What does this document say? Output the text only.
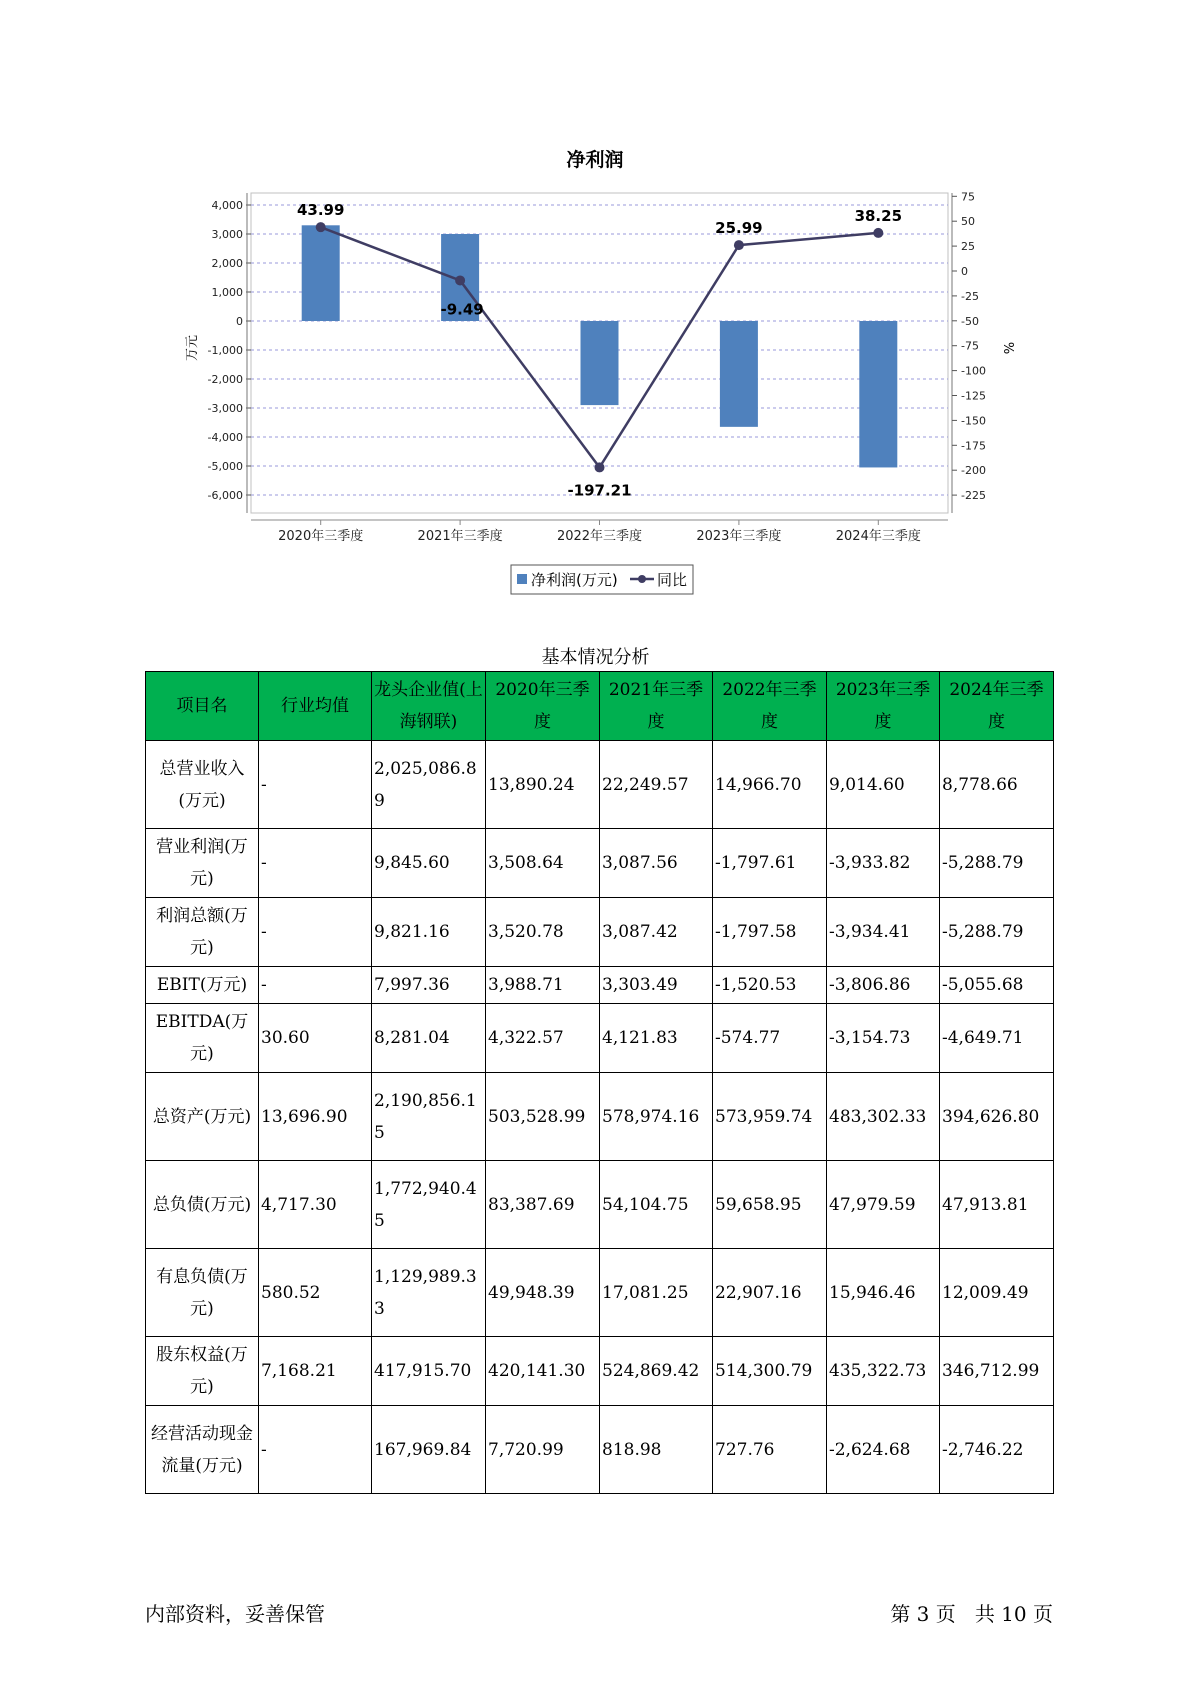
净利润
4,000
3,000
2,000
1,000
0
-1,000
-2,000
-3,000
-4,000
-5,000
-6,000
万元
75
50
25
0
-25
-50
-75
-100
-125
-150
-175
-200
-225
%
2020年三季度	2021年三季度	2022年三季度	2023年三季度	2024年三季度
43.99
-9.49
-197.21
25.99
38.25
净利润(万元)	同比
基本情况分析
项目名	行业均值	龙头企业值(上海钢联)	2020年三季度	2021年三季度	2022年三季度	2023年三季度	2024年三季度
总营业收入(万元)	-	2,025,086.89	13,890.24	22,249.57	14,966.70	9,014.60	8,778.66
营业利润(万元)	-	9,845.60	3,508.64	3,087.56	-1,797.61	-3,933.82	-5,288.79
利润总额(万元)	-	9,821.16	3,520.78	3,087.42	-1,797.58	-3,934.41	-5,288.79
EBIT(万元)	-	7,997.36	3,988.71	3,303.49	-1,520.53	-3,806.86	-5,055.68
EBITDA(万元)	30.60	8,281.04	4,322.57	4,121.83	-574.77	-3,154.73	-4,649.71
总资产(万元)	13,696.90	2,190,856.15	503,528.99	578,974.16	573,959.74	483,302.33	394,626.80
总负债(万元)	4,717.30	1,772,940.45	83,387.69	54,104.75	59,658.95	47,979.59	47,913.81
有息负债(万元)	580.52	1,129,989.33	49,948.39	17,081.25	22,907.16	15,946.46	12,009.49
股东权益(万元)	7,168.21	417,915.70	420,141.30	524,869.42	514,300.79	435,322.73	346,712.99
经营活动现金流量(万元)	-	167,969.84	7,720.99	818.98	727.76	-2,624.68	-2,746.22
内部资料，妥善保管	第 3 页   共 10 页
